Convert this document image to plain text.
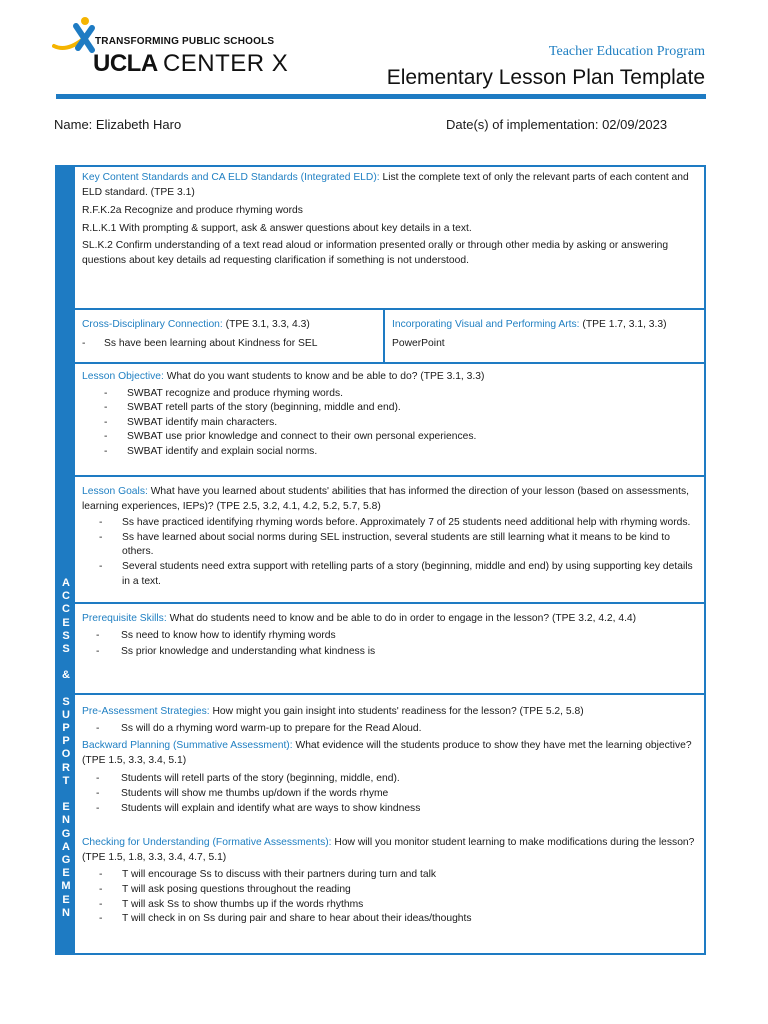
TRANSFORMING PUBLIC SCHOOLS
UCLA CENTER X	Teacher Education Program
Elementary Lesson Plan Template
Name: Elizabeth Haro	Date(s) of implementation: 02/09/2023
A
C
C
E
S
S
&
S
U
P
P
O
R
T
E
N
G
A
G
E
M
E
N

Key Content Standards and CA ELD Standards (Integrated ELD): List the complete text of only the relevant parts of each content and ELD standard. (TPE 3.1)

R.F.K.2a Recognize and produce rhyming words

R.L.K.1 With prompting & support, ask & answer questions about key details in a text.

SL.K.2 Confirm understanding of a text read aloud or information presented orally or through other media by asking or answering questions about key details ad requesting clarification if something is not understood.

Cross-Disciplinary Connection: (TPE 3.1, 3.3, 4.3)

- Ss have been learning about Kindness for SEL

Incorporating Visual and Performing Arts: (TPE 1.7, 3.1, 3.3)

PowerPoint

Lesson Objective: What do you want students to know and be able to do? (TPE 3.1, 3.3)

- SWBAT recognize and produce rhyming words.
- SWBAT retell parts of the story (beginning, middle and end).
- SWBAT identify main characters.
- SWBAT use prior knowledge and connect to their own personal experiences.
- SWBAT identify and explain social norms.

Lesson Goals: What have you learned about students' abilities that has informed the direction of your lesson (based on assessments, learning experiences, IEPs)? (TPE 2.5, 3.2, 4.1, 4.2, 5.2, 5.7, 5.8)

- Ss have practiced identifying rhyming words before. Approximately 7 of 25 students need additional help with rhyming words.
- Ss have learned about social norms during SEL instruction, several students are still learning what it means to be kind to others.
- Several students need extra support with retelling parts of a story (beginning, middle and end) by using supporting key details in a text.

Prerequisite Skills: What do students need to know and be able to do in order to engage in the lesson? (TPE 3.2, 4.2, 4.4)

- Ss need to know how to identify rhyming words
- Ss prior knowledge and understanding what kindness is

Pre-Assessment Strategies: How might you gain insight into students' readiness for the lesson? (TPE 5.2, 5.8)

- Ss will do a rhyming word warm-up to prepare for the Read Aloud.

Backward Planning (Summative Assessment): What evidence will the students produce to show they have met the learning objective? (TPE 1.5, 3.3, 3.4, 5.1)

- Students will retell parts of the story (beginning, middle, end).
- Students will show me thumbs up/down if the words rhyme
- Students will explain and identify what are ways to show kindness

Checking for Understanding (Formative Assessments): How will you monitor student learning to make modifications during the lesson? (TPE 1.5, 1.8, 3.3, 3.4, 4.7, 5.1)

- T will encourage Ss to discuss with their partners during turn and talk
- T will ask posing questions throughout the reading
- T will ask Ss to show thumbs up if the words rhythms
- T will check in on Ss during pair and share to hear about their ideas/thoughts
